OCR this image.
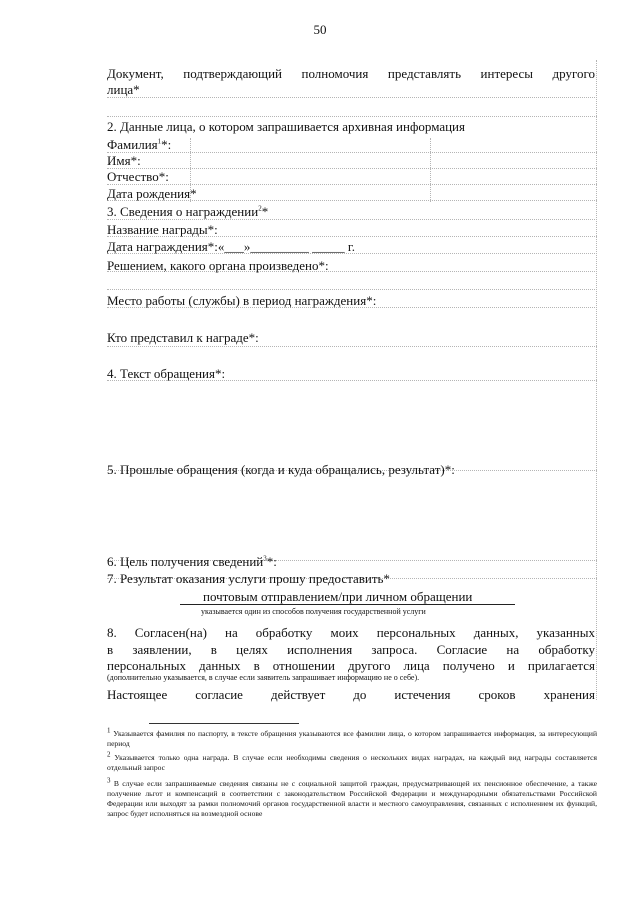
50
Документ, подтверждающий полномочия представлять интересы другого
лица*
2. Данные лица, о котором запрашивается архивная информация
Фамилия$^1$*:
Имя*:
Отчество*:
Дата рождения*
3. Сведения о награждении$^2$*
Название награды*:
Дата награждения*:«___»_________ _____ г.
Решением, какого органа произведено*:
Место работы (службы) в период награждения*:
Кто представил к награде*:
4. Текст обращения*:
5. Прошлые обращения (когда и куда обращались, результат)*:
6. Цель получения сведений$^3$*:
7. Результат оказания услуги прошу предоставить*
почтовым отправлением/при личном обращении
указывается один из способов получения государственной услуги
8. Согласен(на) на обработку моих персональных данных, указанных
в заявлении, в целях исполнения запроса. Согласие на обработку
персональных данных в отношении другого лица получено и прилагается
(дополнительно указывается, в случае если заявитель запрашивает информацию не о себе).
Настоящее согласие действует до истечения сроков хранения
$^1$ Указывается фамилия по паспорту, в тексте обращения указываются все фамилии лица, о котором запрашивается информация, за интересующий период
$^2$ Указывается только одна награда. В случае если необходимы сведения о нескольких видах наградах, на каждый вид награды составляется отдельный запрос
$^3$ В случае если запрашиваемые сведения связаны не с социальной защитой граждан, предусматривающей их пенсионное обеспечение, а также получение льгот и компенсаций в соответствии с законодательством Российской Федерации и международными обязательствами Российской Федерации или выходят за рамки полномочий органов государственной власти и местного самоуправления, связанных с исполнением их функций, запрос будет исполняться на возмездной основе
